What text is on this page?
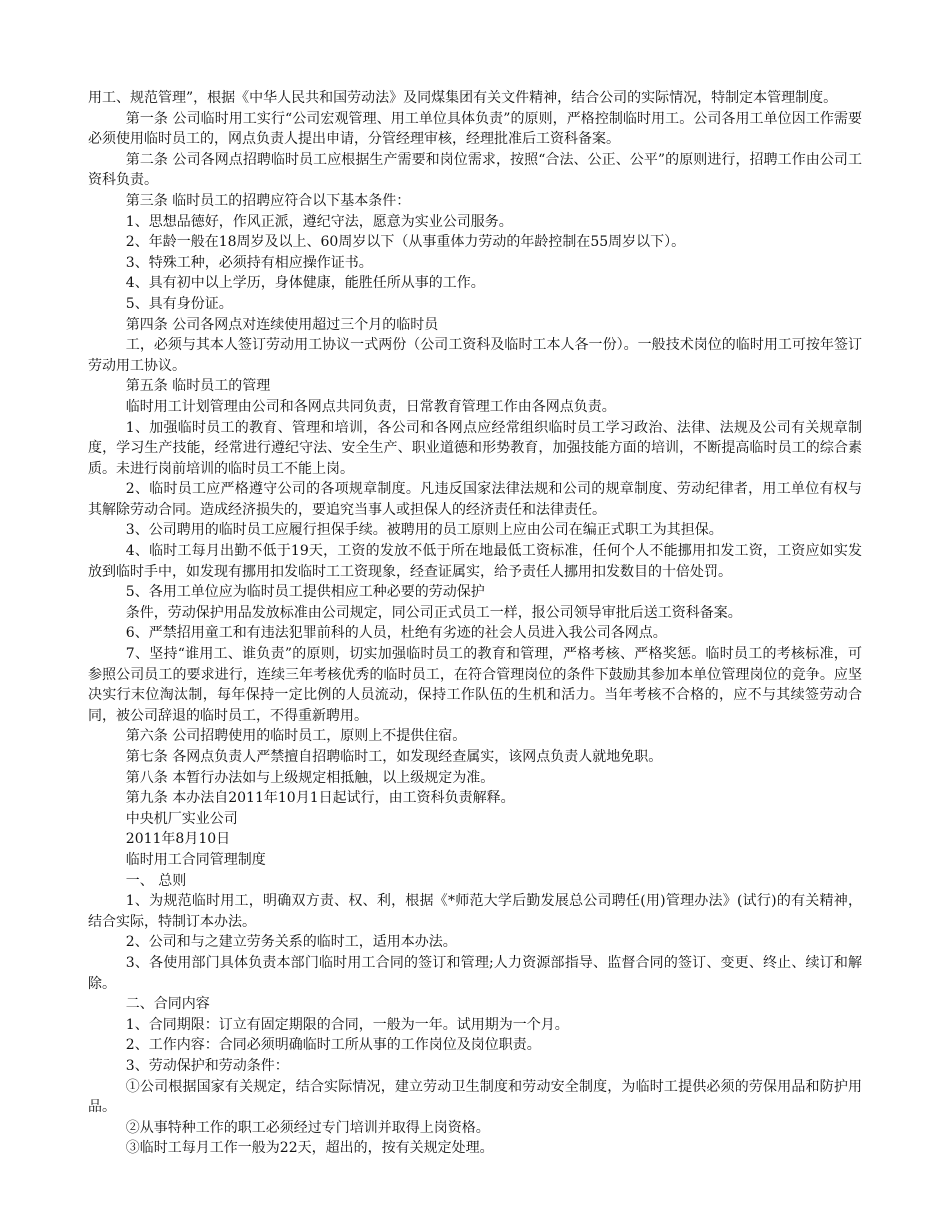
用工、规范管理”，根据《中华人民共和国劳动法》及同煤集团有关文件精神，结合公司的实际情况，特制定本管理制度。

第一条 公司临时用工实行“公司宏观管理、用工单位具体负责”的原则，严格控制临时用工。公司各用工单位因工作需要必须使用临时员工的，网点负责人提出申请，分管经理审核，经理批准后工资科备案。

第二条 公司各网点招聘临时员工应根据生产需要和岗位需求，按照“合法、公正、公平”的原则进行，招聘工作由公司工资科负责。

第三条 临时员工的招聘应符合以下基本条件：

1、思想品德好，作风正派，遵纪守法，愿意为实业公司服务。

2、年龄一般在18周岁及以上、60周岁以下（从事重体力劳动的年龄控制在55周岁以下）。

3、特殊工种，必须持有相应操作证书。

4、具有初中以上学历，身体健康，能胜任所从事的工作。

5、具有身份证。

第四条 公司各网点对连续使用超过三个月的临时员

工，必须与其本人签订劳动用工协议一式两份（公司工资科及临时工本人各一份）。一般技术岗位的临时用工可按年签订劳动用工协议。

第五条 临时员工的管理

临时用工计划管理由公司和各网点共同负责，日常教育管理工作由各网点负责。

1、加强临时员工的教育、管理和培训，各公司和各网点应经常组织临时员工学习政治、法律、法规及公司有关规章制度，学习生产技能，经常进行遵纪守法、安全生产、职业道德和形势教育，加强技能方面的培训，不断提高临时员工的综合素质。未进行岗前培训的临时员工不能上岗。

2、临时员工应严格遵守公司的各项规章制度。凡违反国家法律法规和公司的规章制度、劳动纪律者，用工单位有权与其解除劳动合同。造成经济损失的，要追究当事人或担保人的经济责任和法律责任。

3、公司聘用的临时员工应履行担保手续。被聘用的员工原则上应由公司在编正式职工为其担保。

4、临时工每月出勤不低于19天，工资的发放不低于所在地最低工资标准，任何个人不能挪用扣发工资，工资应如实发放到临时手中，如发现有挪用扣发临时工工资现象，经查证属实，给予责任人挪用扣发数目的十倍处罚。

5、各用工单位应为临时员工提供相应工种必要的劳动保护

条件，劳动保护用品发放标准由公司规定，同公司正式员工一样，报公司领导审批后送工资科备案。

6、严禁招用童工和有违法犯罪前科的人员，杜绝有劣迹的社会人员进入我公司各网点。

7、坚持“谁用工、谁负责”的原则，切实加强临时员工的教育和管理，严格考核、严格奖惩。临时员工的考核标准，可参照公司员工的要求进行，连续三年考核优秀的临时员工，在符合管理岗位的条件下鼓励其参加本单位管理岗位的竞争。应坚决实行末位淘汰制，每年保持一定比例的人员流动，保持工作队伍的生机和活力。当年考核不合格的，应不与其续签劳动合同，被公司辞退的临时员工，不得重新聘用。

第六条 公司招聘使用的临时员工，原则上不提供住宿。

第七条 各网点负责人严禁擅自招聘临时工，如发现经查属实，该网点负责人就地免职。

第八条 本暂行办法如与上级规定相抵触，以上级规定为准。

第九条 本办法自2011年10月1日起试行，由工资科负责解释。

中央机厂实业公司

2011年8月10日

临时用工合同管理制度

一、 总则

1、为规范临时用工，明确双方责、权、利，根据《*师范大学后勤发展总公司聘任(用)管理办法》(试行)的有关精神，结合实际，特制订本办法。

2、公司和与之建立劳务关系的临时工，适用本办法。

3、各使用部门具体负责本部门临时用工合同的签订和管理;人力资源部指导、监督合同的签订、变更、终止、续订和解除。

二、合同内容

1、合同期限：订立有固定期限的合同，一般为一年。试用期为一个月。

2、工作内容：合同必须明确临时工所从事的工作岗位及岗位职责。

3、劳动保护和劳动条件：

①公司根据国家有关规定，结合实际情况，建立劳动卫生制度和劳动安全制度，为临时工提供必须的劳保用品和防护用品。

②从事特种工作的职工必须经过专门培训并取得上岗资格。

③临时工每月工作一般为22天，超出的，按有关规定处理。
